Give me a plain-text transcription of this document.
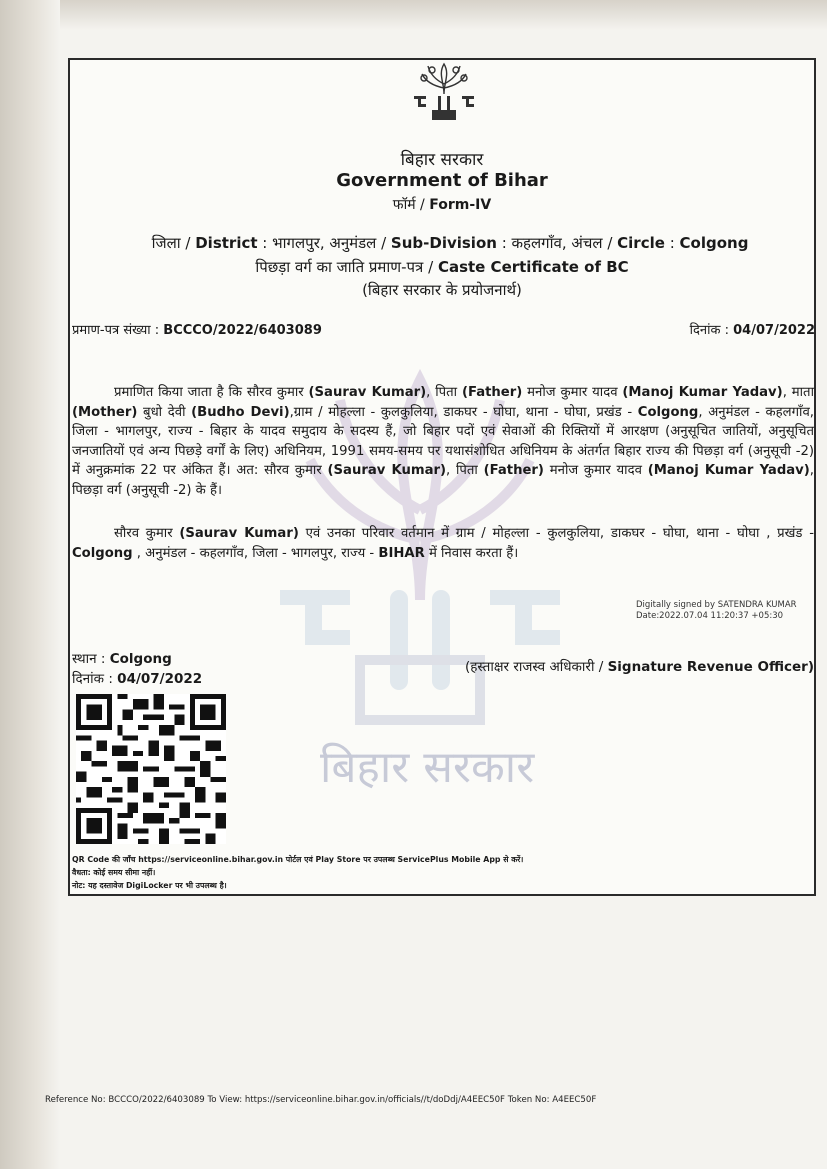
बिहार सरकार
बिहार सरकार
Government of Bihar
फॉर्म / Form-IV
जिला / District : भागलपुर, अनुमंडल / Sub-Division : कहलगाँव, अंचल / Circle : Colgong
पिछड़ा वर्ग का जाति प्रमाण-पत्र / Caste Certificate of BC
(बिहार सरकार के प्रयोजनार्थ)
प्रमाण-पत्र संख्या : BCCCO/2022/6403089	दिनांक : 04/07/2022
प्रमाणित किया जाता है कि सौरव कुमार (Saurav Kumar), पिता (Father) मनोज कुमार यादव (Manoj Kumar Yadav), माता (Mother) बुधो देवी (Budho Devi),ग्राम / मोहल्ला - कुलकुलिया, डाकघर - घोघा, थाना - घोघा, प्रखंड - Colgong, अनुमंडल - कहलगाँव, जिला - भागलपुर, राज्य - बिहार के यादव समुदाय के सदस्य हैं, जो बिहार पदों एवं सेवाओं की रिक्तियों में आरक्षण (अनुसूचित जातियों, अनुसूचित जनजातियों एवं अन्य पिछड़े वर्गों के लिए) अधिनियम, 1991 समय-समय पर यथासंशोधित अधिनियम के अंतर्गत बिहार राज्य की पिछड़ा वर्ग (अनुसूची -2) में अनुक्रमांक 22 पर अंकित हैं। अत: सौरव कुमार (Saurav Kumar), पिता (Father) मनोज कुमार यादव (Manoj Kumar Yadav), पिछड़ा वर्ग (अनुसूची -2) के हैं।
सौरव कुमार (Saurav Kumar) एवं उनका परिवार वर्तमान में ग्राम / मोहल्ला - कुलकुलिया, डाकघर - घोघा, थाना - घोघा , प्रखंड - Colgong , अनुमंडल - कहलगाँव, जिला - भागलपुर, राज्य - BIHAR में निवास करता हैं।
Digitally signed by SATENDRA KUMAR
Date:2022.07.04 11:20:37 +05:30
स्थान : Colgong
दिनांक : 04/07/2022
(हस्ताक्षर राजस्व अधिकारी / Signature Revenue Officer)
QR Code की जाँच https://serviceonline.bihar.gov.in पोर्टल एवं Play Store पर उपलब्ध ServicePlus Mobile App से करें।
वैधता: कोई समय सीमा नहीं।
नोट: यह दस्तावेज DigiLocker पर भी उपलब्ध है।
Reference No: BCCCO/2022/6403089 To View: https://serviceonline.bihar.gov.in/officials//t/doDdj/A4EEC50F Token No: A4EEC50F
